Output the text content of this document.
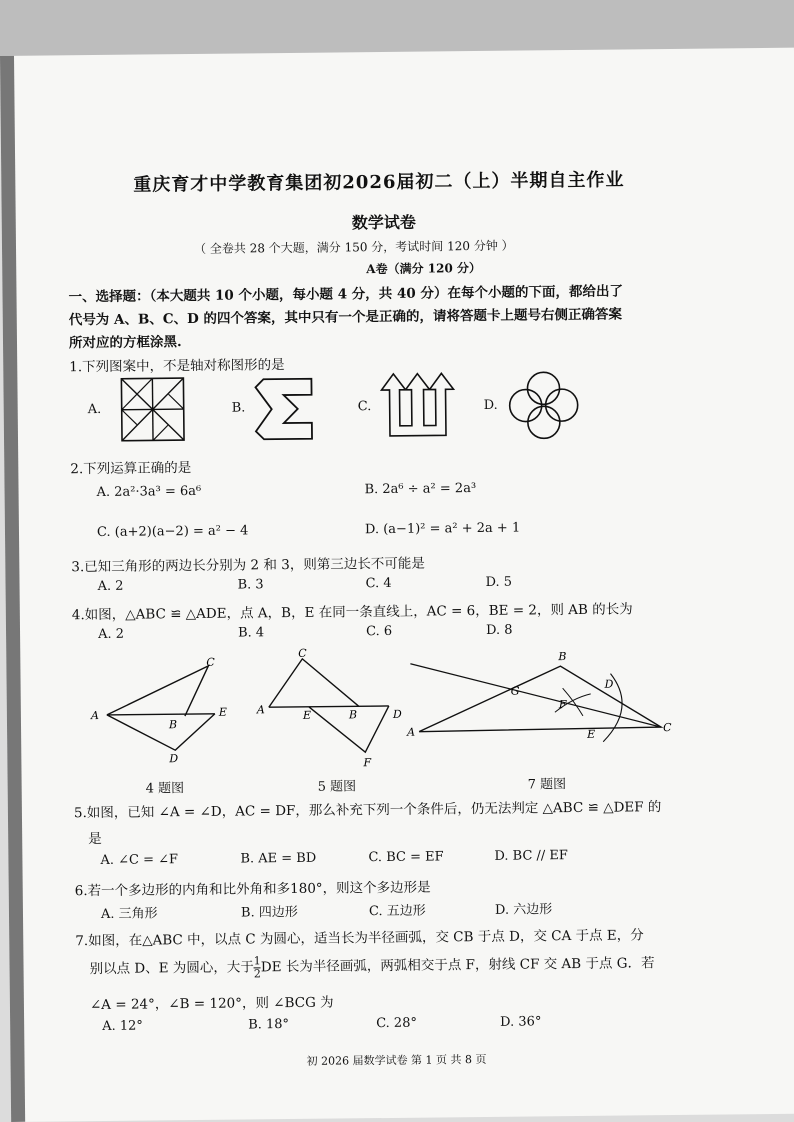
重庆育才中学教育集团初2026届初二（上）半期自主作业
数学试卷
（ 全卷共 28 个大题，满分 150 分，考试时间 120 分钟 ）
A卷（满分 120 分）
一、选择题：（本大题共 10 个小题，每小题 4 分，共 40 分）在每个小题的下面，都给出了
代号为 A、B、C、D 的四个答案，其中只有一个是正确的，请将答题卡上题号右侧正确答案
所对应的方框涂黑.
1.下列图案中，不是轴对称图形的是
A.	B.	C.	D.
2.下列运算正确的是
A. 2a²·3a³ = 6a⁶	B. 2a⁶ ÷ a² = 2a³
C. (a+2)(a−2) = a² − 4	D. (a−1)² = a² + 2a + 1
3.已知三角形的两边长分别为 2 和 3，则第三边长不可能是
A. 2	B. 3	C. 4	D. 5
4.如图，△ABC ≌ △ADE，点 A，B，E 在同一条直线上，AC = 6，BE = 2，则 AB 的长为
A. 2	B. 4	C. 6	D. 8
A
B
C
D
E
4 题图
A	B
C
D
E
F
5 题图
A
B
C
D
E
F
G
7 题图
5.如图，已知 ∠A = ∠D，AC = DF，那么补充下列一个条件后，仍无法判定 △ABC ≌ △DEF 的
是
A. ∠C = ∠F	B. AE = BD	C. BC = EF	D. BC // EF
6.若一个多边形的内角和比外角和多180°，则这个多边形是
A. 三角形	B. 四边形	C. 五边形	D. 六边形
7.如图，在△ABC 中，以点 C 为圆心，适当长为半径画弧，交 CB 于点 D，交 CA 于点 E，分
别以点 D、E 为圆心，大于 $\frac{1}{2}$ DE 长为半径画弧，两弧相交于点 F，射线 CF 交 AB 于点 G．若
∠A = 24°，∠B = 120°，则 ∠BCG 为
A. 12°	B. 18°	C. 28°	D. 36°
初 2026 届数学试卷 第 1 页 共 8 页
